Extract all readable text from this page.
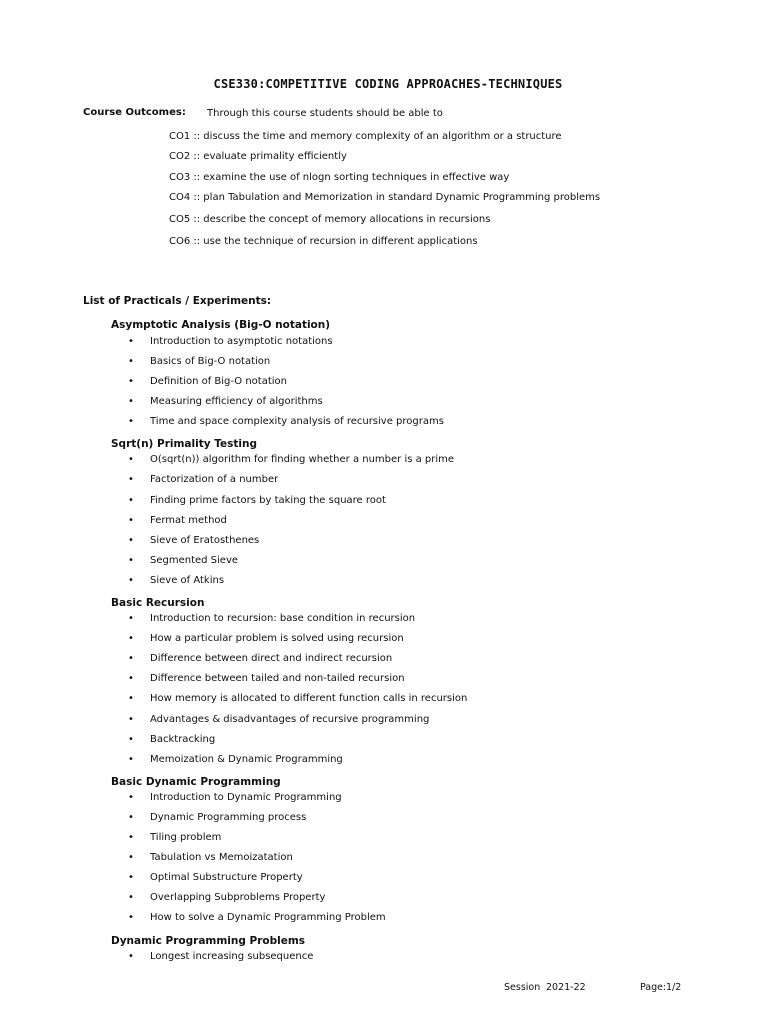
CSE330:COMPETITIVE CODING APPROACHES-TECHNIQUES
Course Outcomes: Through this course students should be able to
CO1 :: discuss the time and memory complexity of an algorithm or a structure
CO2 :: evaluate primality efficiently
CO3 :: examine the use of nlogn sorting techniques in effective way
CO4 :: plan Tabulation and Memorization in standard Dynamic Programming problems
CO5 :: describe the concept of memory allocations in recursions
CO6 :: use the technique of recursion in different applications
List of Practicals / Experiments:
Asymptotic Analysis (Big-O notation)
• Introduction to asymptotic notations
• Basics of Big-O notation
• Definition of Big-O notation
• Measuring efficiency of algorithms
• Time and space complexity analysis of recursive programs
Sqrt(n) Primality Testing
• O(sqrt(n)) algorithm for finding whether a number is a prime
• Factorization of a number
• Finding prime factors by taking the square root
• Fermat method
• Sieve of Eratosthenes
• Segmented Sieve
• Sieve of Atkins
Basic Recursion
• Introduction to recursion: base condition in recursion
• How a particular problem is solved using recursion
• Difference between direct and indirect recursion
• Difference between tailed and non-tailed recursion
• How memory is allocated to different function calls in recursion
• Advantages & disadvantages of recursive programming
• Backtracking
• Memoization & Dynamic Programming
Basic Dynamic Programming
• Introduction to Dynamic Programming
• Dynamic Programming process
• Tiling problem
• Tabulation vs Memoizatation
• Optimal Substructure Property
• Overlapping Subproblems Property
• How to solve a Dynamic Programming Problem
Dynamic Programming Problems
• Longest increasing subsequence
Session 2021-22	Page: 1/2
